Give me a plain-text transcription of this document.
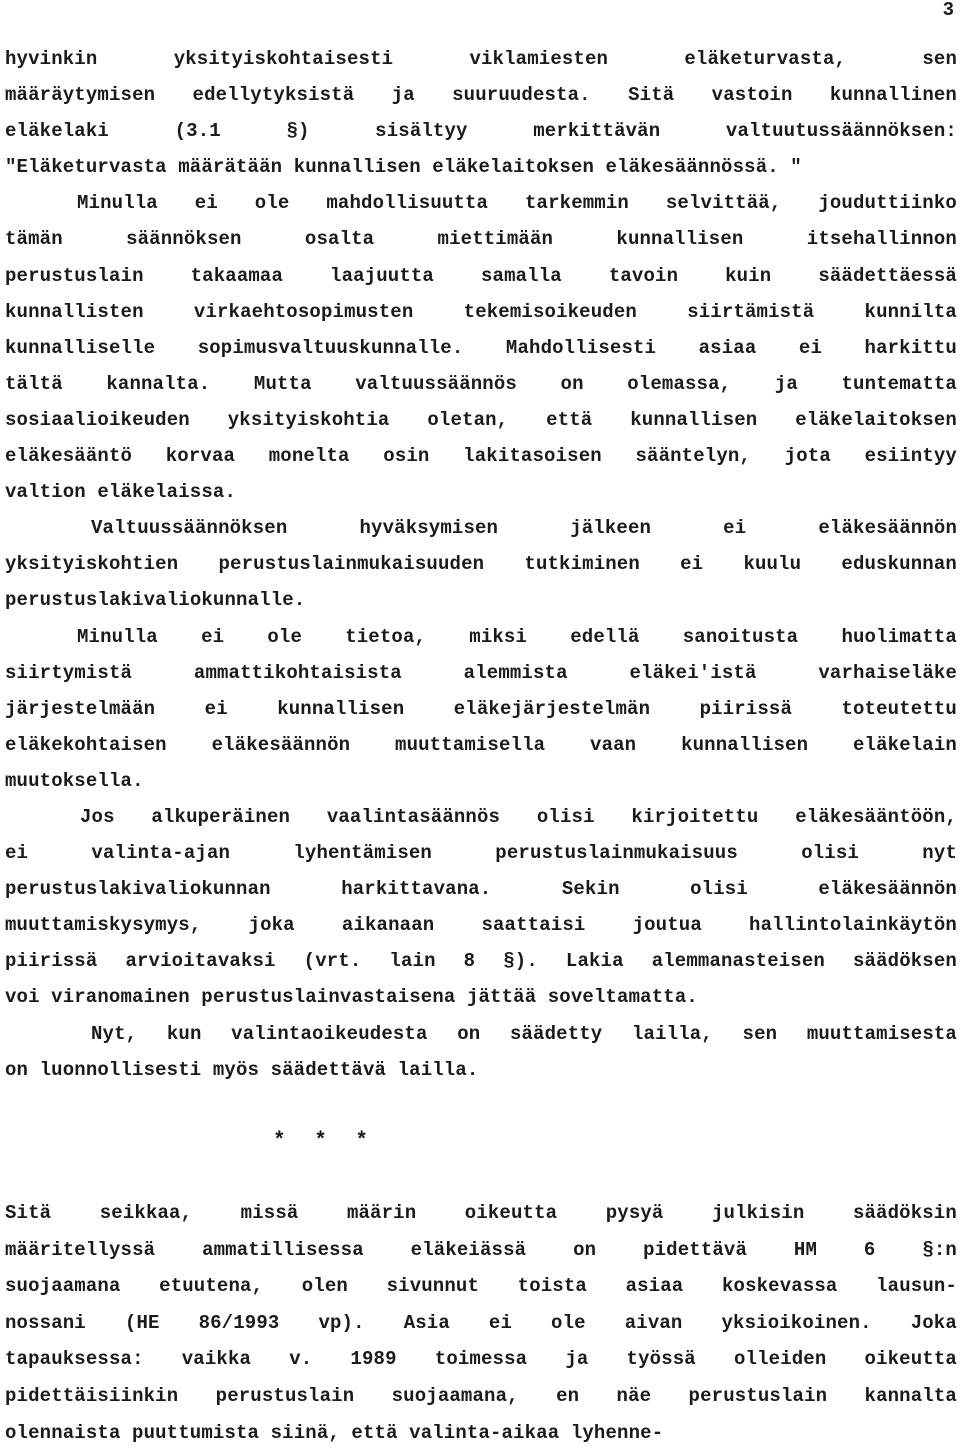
3
hyvinkin	yksityiskohtaisesti	viklamiesten	eläketurvasta,	sen
määräytymisen edellytyksistä ja suuruudesta. Sitä vastoin kunnallinen
eläkelaki	(3.1	§)	sisältyy	merkittävän	valtuutussäännöksen:
"Eläketurvasta määrätään kunnallisen eläkelaitoksen eläkesäännössä. "
Minulla ei ole mahdollisuutta tarkemmin selvittää, jouduttiinko
tämän	säännöksen	osalta	miettimään	kunnallisen	itsehallinnon
perustuslain takaamaa laajuutta samalla tavoin kuin säädettäessä
kunnallisten	virkaehtosopimusten	tekemisoikeuden	siirtämistä	kunnilta
kunnalliselle sopimusvaltuuskunnalle. Mahdollisesti asiaa ei harkittu
tältä kannalta. Mutta valtuussäännös on olemassa, ja tuntematta
sosiaalioikeuden yksityiskohtia oletan, että kunnallisen eläkelaitoksen
eläkesääntö korvaa monelta osin lakitasoisen sääntelyn, jota esiintyy
valtion eläkelaissa.
Valtuussäännöksen	hyväksymisen	jälkeen	ei	eläkesäännön
yksityiskohtien perustuslainmukaisuuden tutkiminen ei kuulu eduskunnan
perustuslakivaliokunnalle.
Minulla ei ole tietoa, miksi edellä sanoitusta huolimatta
siirtymistä	ammattikohtaisista	alemmista	eläkei'istä	varhaiseläke
järjestelmään	ei	kunnallisen	eläkejärjestelmän	piirissä	toteutettu
eläkekohtaisen eläkesäännön muuttamisella vaan kunnallisen eläkelain
muutoksella.
Jos alkuperäinen vaalintasäännös olisi kirjoitettu eläkesääntöön,
ei	valinta-ajan	lyhentämisen	perustuslainmukaisuus	olisi	nyt
perustuslakivaliokunnan	harkittavana.	Sekin	olisi	eläkesäännön
muuttamiskysymys, joka aikanaan saattaisi joutua hallintolainkäytön
piirissä arvioitavaksi (vrt. lain 8 §). Lakia alemmanasteisen säädöksen
voi viranomainen perustuslainvastaisena jättää soveltamatta.
Nyt, kun valintaoikeudesta on säädetty lailla, sen muuttamisesta
on luonnollisesti myös säädettävä lailla.
* * *
Sitä	seikkaa,	missä	määrin	oikeutta	pysyä	julkisin	säädöksin
määritellyssä ammatillisessa eläkeiässä on pidettävä HM 6 §:n
suojaamana etuutena, olen sivunnut toista asiaa koskevassa lausun-
nossani (HE 86/1993 vp). Asia ei ole aivan yksioikoinen. Joka
tapauksessa: vaikka v. 1989 toimessa ja työssä olleiden oikeutta
pidettäisiinkin perustuslain suojaamana, en näe perustuslain kannalta
olennaista puuttumista siinä, että valinta-aikaa lyhenne-
